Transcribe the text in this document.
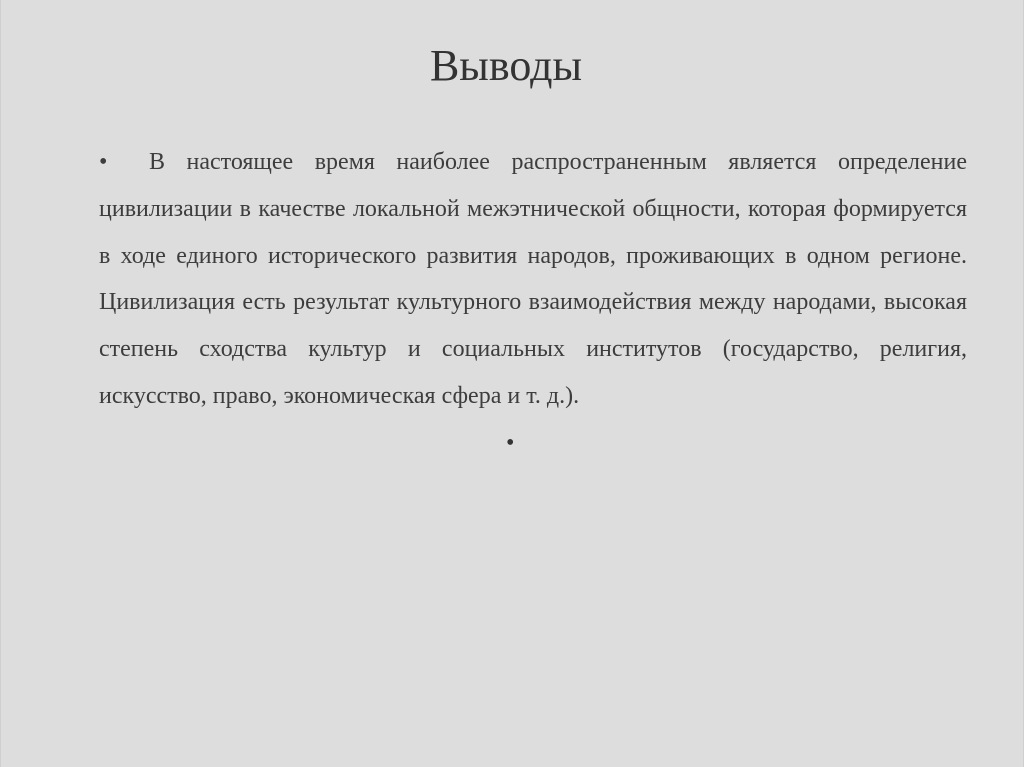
Выводы

• В настоящее время наиболее распространенным является определение цивилизации в качестве локальной межэтнической общности, которая формируется в ходе единого исторического развития народов, проживающих в одном регионе. Цивилизация есть результат культурного взаимодействия между народами, высокая степень сходства культур и социальных институтов (государство, религия, искусство, право, экономическая сфера и т. д.).

•
